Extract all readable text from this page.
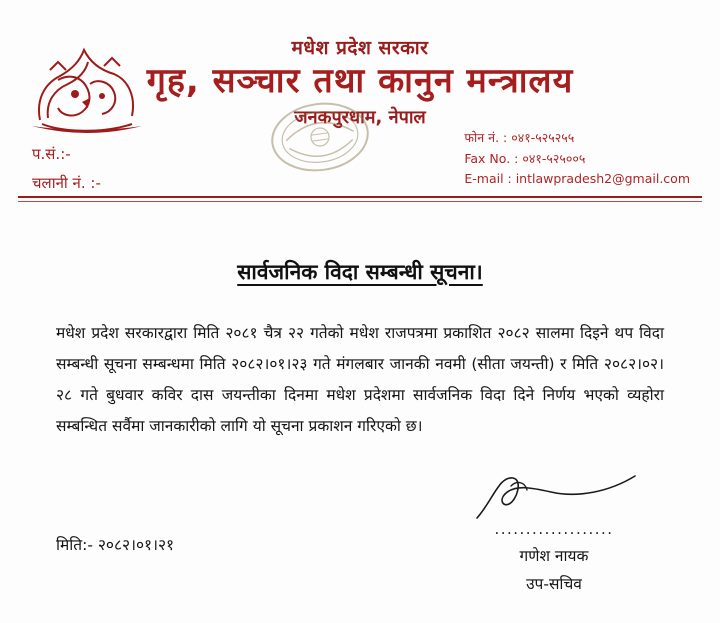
मधेश प्रदेश सरकार
गृह, सञ्चार तथा कानुन मन्त्रालय
जनकपुरधाम, नेपाल
प.सं.:-
चलानी नं. :-
फोन नं. : ०४१-५२५२५५
Fax No. : ०४१-५२५००५
E-mail : intlawpradesh2@gmail.com
सार्वजनिक विदा सम्बन्धी सूचना।
मधेश प्रदेश सरकारद्वारा मिति २०८१ चैत्र २२ गतेको मधेश राजपत्रमा प्रकाशित २०८२ सालमा दिइने थप विदा सम्बन्धी सूचना सम्बन्धमा मिति २०८२।०१।२३ गते मंगलबार जानकी नवमी (सीता जयन्ती) र मिति २०८२।०२।२८ गते बुधवार कविर दास जयन्तीका दिनमा मधेश प्रदेशमा सार्वजनिक विदा दिने निर्णय भएको व्यहोरा सम्बन्धित सर्वैमा जानकारीको लागि यो सूचना प्रकाशन गरिएको छ।
...................
गणेश नायक
उप-सचिव
मिति:- २०८२।०१।२१
